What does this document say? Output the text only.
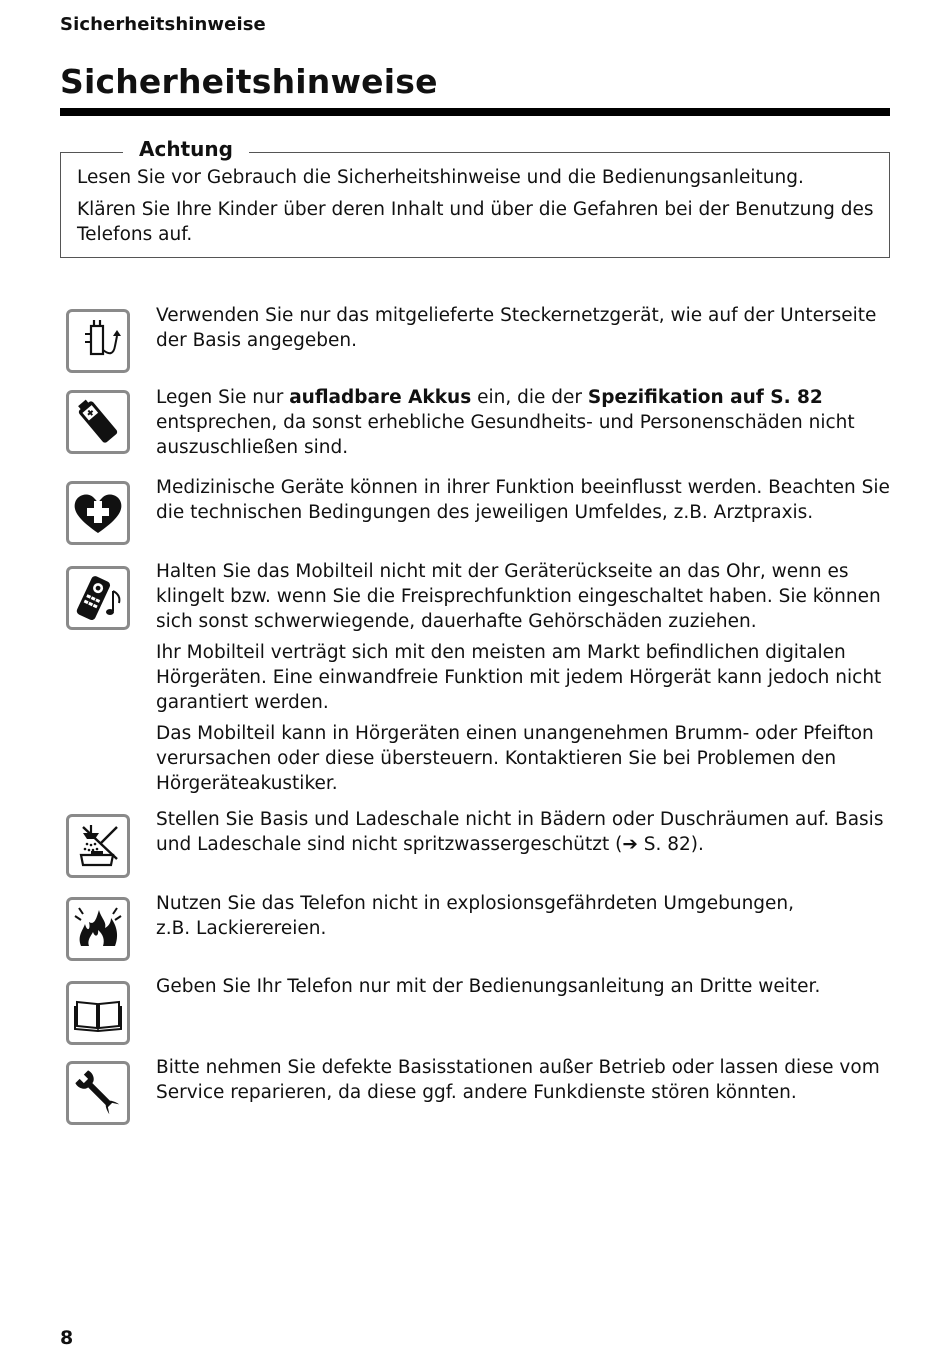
Sicherheitshinweise
Sicherheitshinweise
Achtung
Lesen Sie vor Gebrauch die Sicherheitshinweise und die Bedienungsanleitung.
Klären Sie Ihre Kinder über deren Inhalt und über die Gefahren bei der Benutzung des Telefons auf.

Verwenden Sie nur das mitgelieferte Steckernetzgerät, wie auf der Unterseite der Basis angegeben.

Legen Sie nur aufladbare Akkus ein, die der Spezifikation auf S. 82 entsprechen, da sonst erhebliche Gesundheits- und Personenschäden nicht auszuschließen sind.

Medizinische Geräte können in ihrer Funktion beeinflusst werden. Beachten Sie die technischen Bedingungen des jeweiligen Umfeldes, z.B. Arztpraxis.

Halten Sie das Mobilteil nicht mit der Geräterückseite an das Ohr, wenn es klingelt bzw. wenn Sie die Freisprechfunktion eingeschaltet haben. Sie können sich sonst schwerwiegende, dauerhafte Gehörschäden zuziehen.

Ihr Mobilteil verträgt sich mit den meisten am Markt befindlichen digitalen Hörgeräten. Eine einwandfreie Funktion mit jedem Hörgerät kann jedoch nicht garantiert werden.

Das Mobilteil kann in Hörgeräten einen unangenehmen Brumm- oder Pfeifton verursachen oder diese übersteuern. Kontaktieren Sie bei Problemen den Hörgeräteakustiker.

Stellen Sie Basis und Ladeschale nicht in Bädern oder Duschräumen auf. Basis und Ladeschale sind nicht spritzwassergeschützt (➔ S. 82).

Nutzen Sie das Telefon nicht in explosionsgefährdeten Umgebungen,

z.B. Lackierereien.

Geben Sie Ihr Telefon nur mit der Bedienungsanleitung an Dritte weiter.

Bitte nehmen Sie defekte Basisstationen außer Betrieb oder lassen diese vom Service reparieren, da diese ggf. andere Funkdienste stören könnten.

8
